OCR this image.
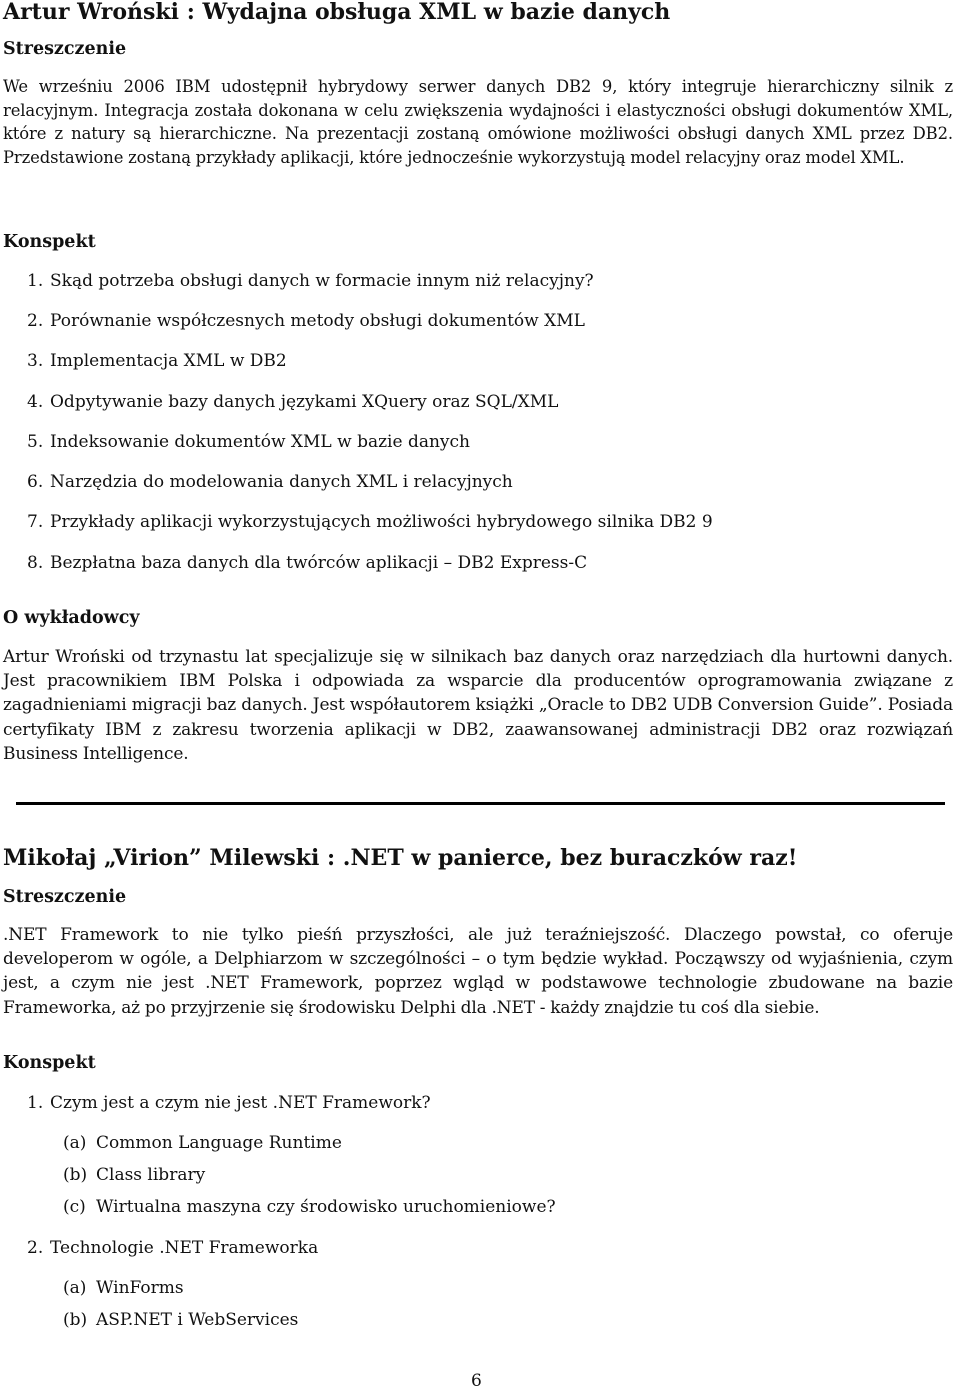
Artur Wroński : Wydajna obsługa XML w bazie danych
Streszczenie

We wrześniu 2006 IBM udostępnił hybrydowy serwer danych DB2 9, który integruje hierarchiczny silnik z relacyjnym. Integracja została dokonana w celu zwiększenia wydajności i elastyczności obsługi dokumentów XML, które z natury są hierarchiczne. Na prezentacji zostaną omówione możliwości obsługi danych XML przez DB2. Przedstawione zostaną przykłady aplikacji, które jednocześnie wykorzystują model relacyjny oraz model XML.

Konspekt
1. Skąd potrzeba obsługi danych w formacie innym niż relacyjny?
2. Porównanie współczesnych metody obsługi dokumentów XML
3. Implementacja XML w DB2
4. Odpytywanie bazy danych językami XQuery oraz SQL/XML
5. Indeksowanie dokumentów XML w bazie danych
6. Narzędzia do modelowania danych XML i relacyjnych
7. Przykłady aplikacji wykorzystujących możliwości hybrydowego silnika DB2 9
8. Bezpłatna baza danych dla twórców aplikacji – DB2 Express-C
O wykładowcy

Artur Wroński od trzynastu lat specjalizuje się w silnikach baz danych oraz narzędziach dla hurtowni danych. Jest pracownikiem IBM Polska i odpowiada za wsparcie dla producentów oprogramowania związane z zagadnieniami migracji baz danych. Jest współautorem książki „Oracle to DB2 UDB Conversion Guide”. Posiada certyfikaty IBM z zakresu tworzenia aplikacji w DB2, zaawansowanej administracji DB2 oraz rozwiązań Business Intelligence.

Mikołaj „Virion” Milewski : .NET w panierce, bez buraczków raz!
Streszczenie

.NET Framework to nie tylko pieśń przyszłości, ale już teraźniejszość. Dlaczego powstał, co oferuje developerom w ogóle, a Delphiarzom w szczególności – o tym będzie wykład. Począwszy od wyjaśnienia, czym jest, a czym nie jest .NET Framework, poprzez wgląd w podstawowe technologie zbudowane na bazie Frameworka, aż po przyjrzenie się środowisku Delphi dla .NET - każdy znajdzie tu coś dla siebie.

Konspekt
1. Czym jest a czym nie jest .NET Framework?
(a) Common Language Runtime
(b) Class library
(c) Wirtualna maszyna czy środowisko uruchomieniowe?
2. Technologie .NET Frameworka
(a) WinForms
(b) ASP.NET i WebServices
6
